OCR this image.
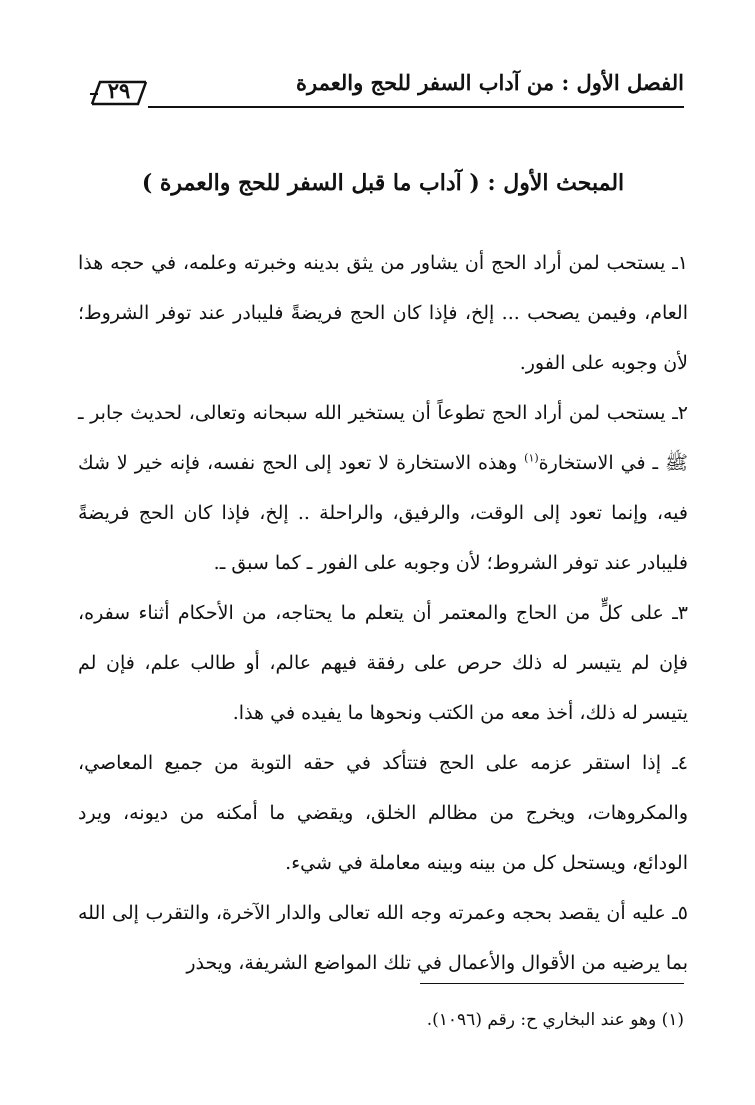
الفصل الأول : من آداب السفر للحج والعمرة
٢٩
المبحث الأول : ( آداب ما قبل السفر للحج والعمرة )

١ـ يستحب لمن أراد الحج أن يشاور من يثق بدينه وخبرته وعلمه، في حجه هذا العام، وفيمن يصحب ... إلخ، فإذا كان الحج فريضةً فليبادر عند توفر الشروط؛ لأن وجوبه على الفور.

٢ـ يستحب لمن أراد الحج تطوعاً أن يستخير الله سبحانه وتعالى، لحديث جابر ـ ﷺ ـ في الاستخارة$^{(١)}$ وهذه الاستخارة لا تعود إلى الحج نفسه، فإنه خير لا شك فيه، وإنما تعود إلى الوقت، والرفيق، والراحلة .. إلخ، فإذا كان الحج فريضةً فليبادر عند توفر الشروط؛ لأن وجوبه على الفور ـ كما سبق ـ.

٣ـ على كلٍّ من الحاج والمعتمر أن يتعلم ما يحتاجه، من الأحكام أثناء سفره، فإن لم يتيسر له ذلك حرص على رفقة فيهم عالم، أو طالب علم، فإن لم يتيسر له ذلك، أخذ معه من الكتب ونحوها ما يفيده في هذا.

٤ـ إذا استقر عزمه على الحج فتتأكد في حقه التوبة من جميع المعاصي، والمكروهات، ويخرج من مظالم الخلق، ويقضي ما أمكنه من ديونه، ويرد الودائع، ويستحل كل من بينه وبينه معاملة في شيء.

٥ـ عليه أن يقصد بحجه وعمرته وجه الله تعالى والدار الآخرة، والتقرب إلى الله بما يرضيه من الأقوال والأعمال في تلك المواضع الشريفة، ويحذر

(١) وهو عند البخاري ح: رقم (١٠٩٦).
